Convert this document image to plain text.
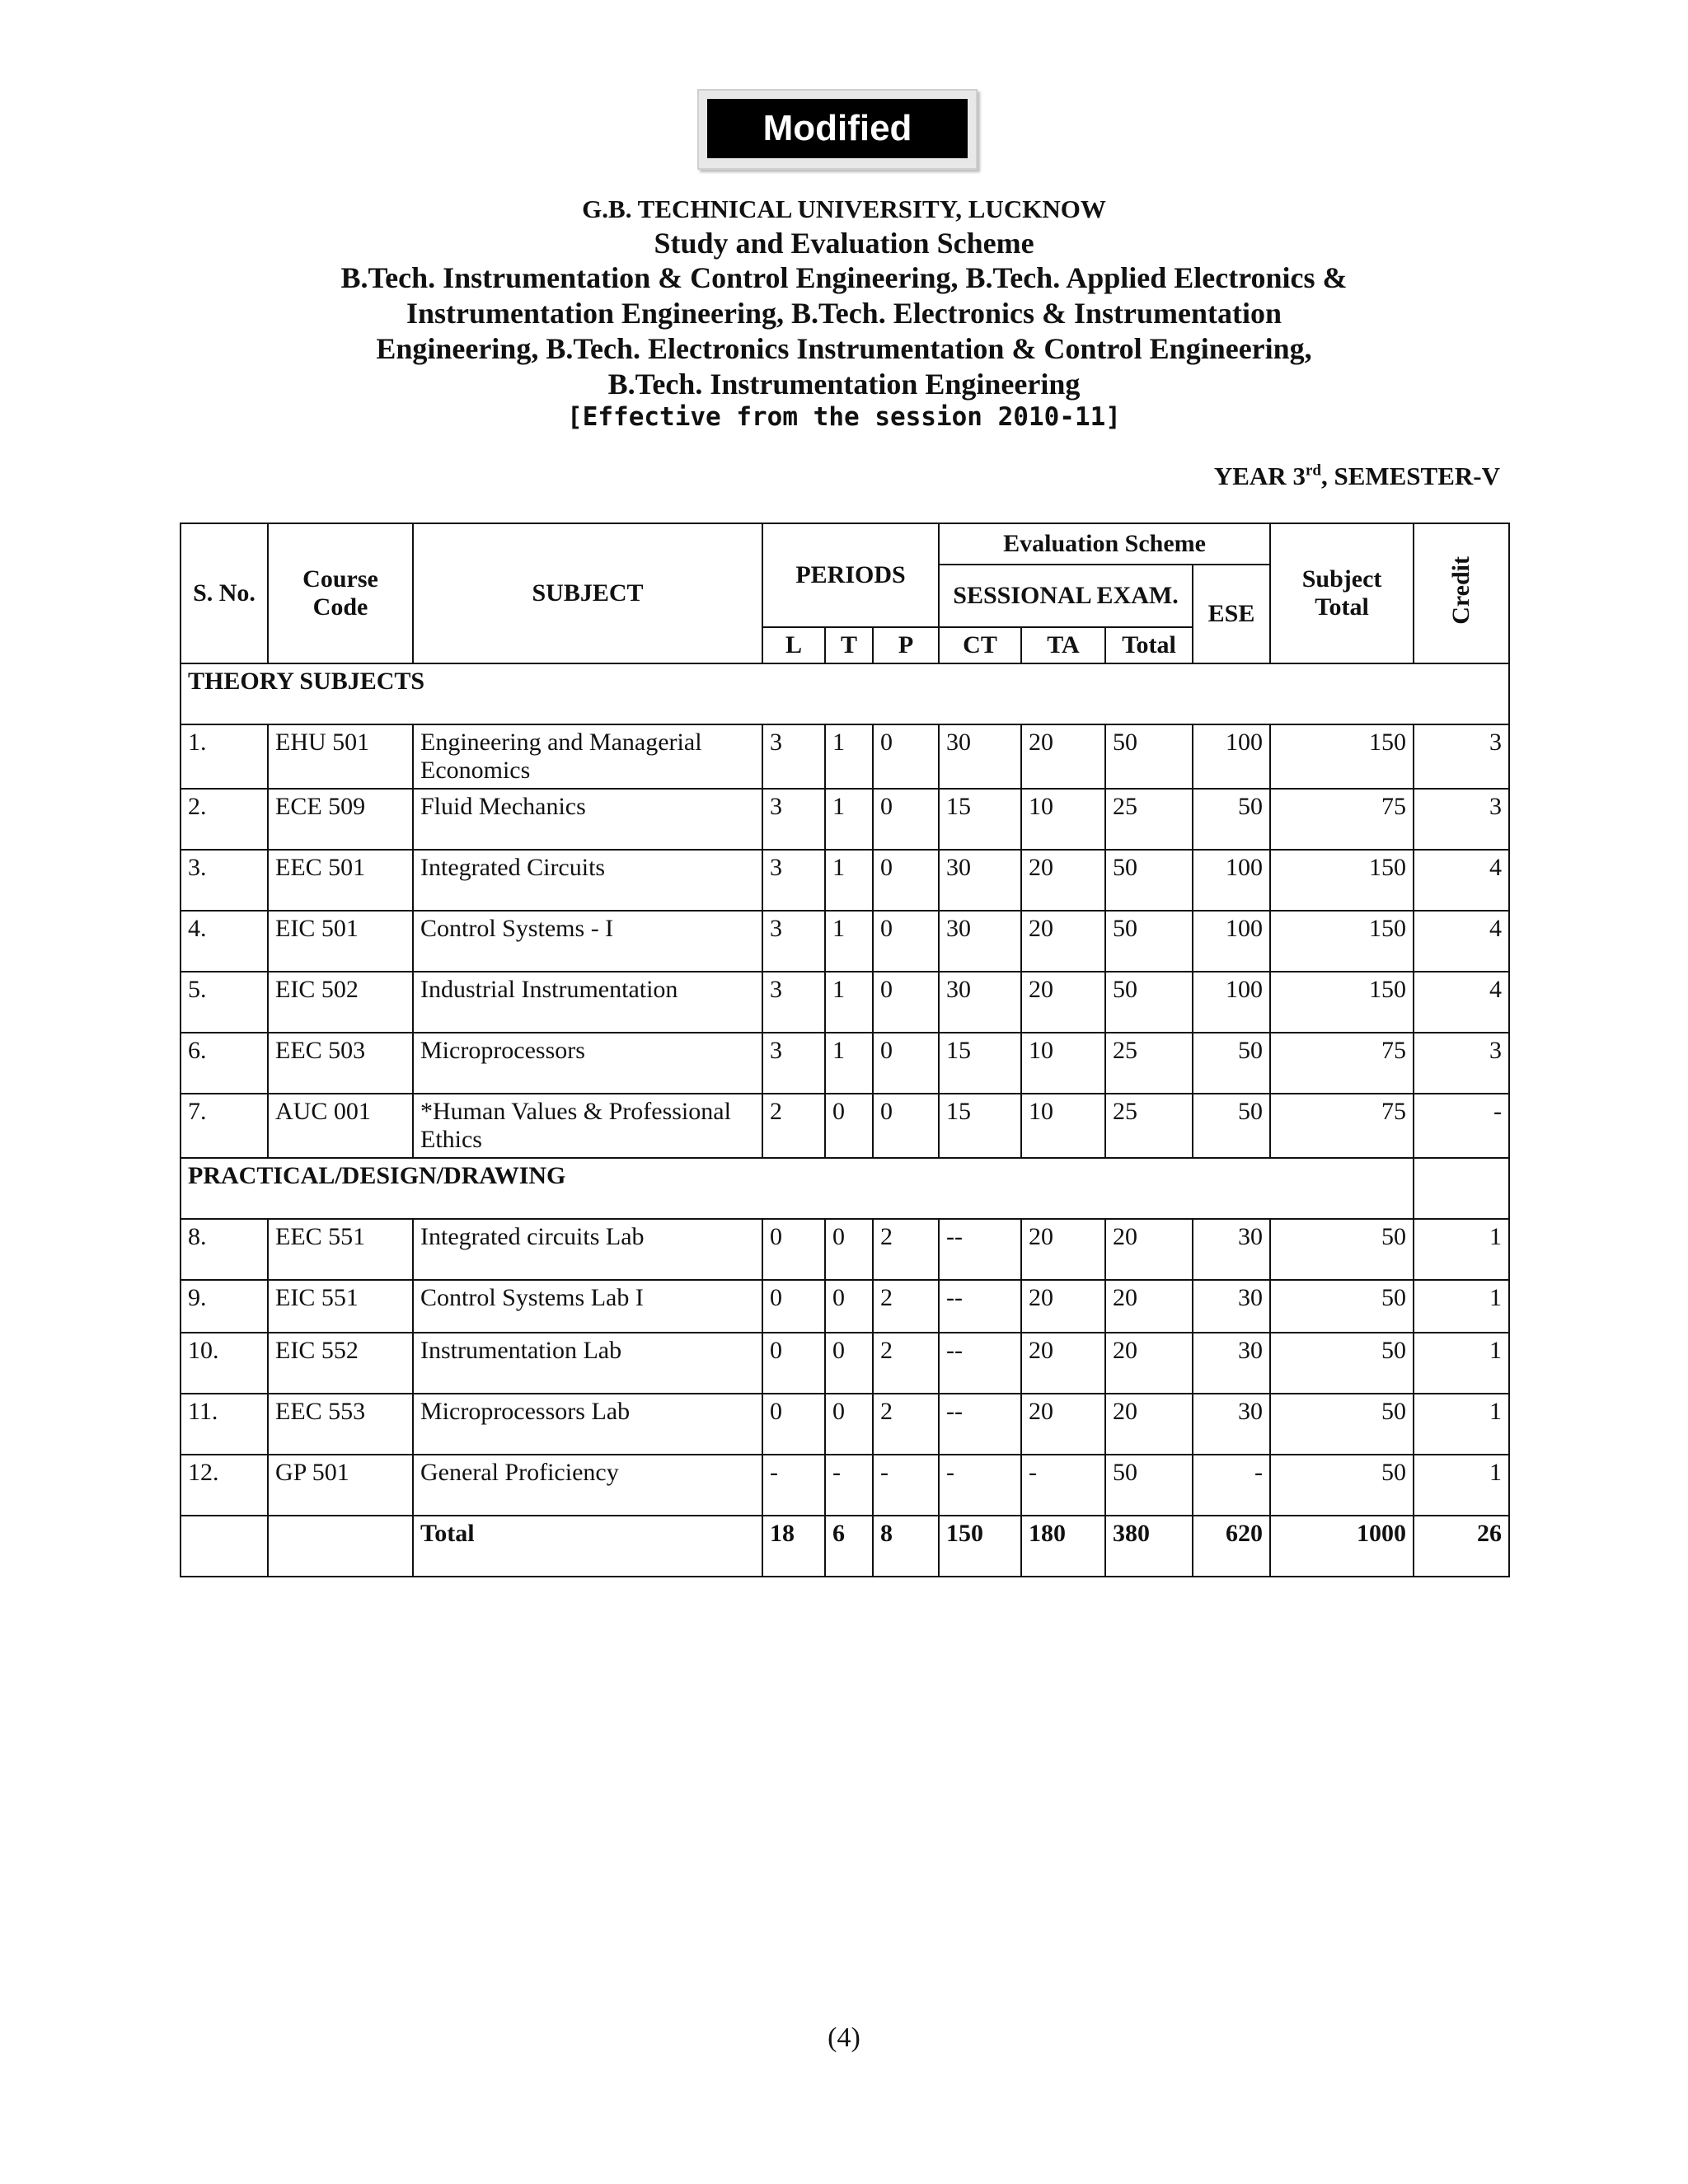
Modified
G.B. TECHNICAL UNIVERSITY, LUCKNOW
Study and Evaluation Scheme
B.Tech. Instrumentation & Control Engineering, B.Tech. Applied Electronics &
Instrumentation Engineering, B.Tech. Electronics & Instrumentation
Engineering, B.Tech. Electronics Instrumentation & Control Engineering,
B.Tech. Instrumentation Engineering
[Effective from the session 2010-11]
YEAR 3rd, SEMESTER-V
S. No.	Course Code	SUBJECT	PERIODS			Evaluation Scheme				Subject Total	Credit
						SESSIONAL EXAM.			ESE		
			L	T	P	CT	TA	Total			
THEORY SUBJECTS											
1.	EHU 501	Engineering and Managerial Economics	3	1	0	30	20	50	100	150	3
2.	ECE 509	Fluid Mechanics	3	1	0	15	10	25	50	75	3
3.	EEC 501	Integrated Circuits	3	1	0	30	20	50	100	150	4
4.	EIC 501	Control Systems - I	3	1	0	30	20	50	100	150	4
5.	EIC 502	Industrial Instrumentation	3	1	0	30	20	50	100	150	4
6.	EEC 503	Microprocessors	3	1	0	15	10	25	50	75	3
7.	AUC 001	*Human Values & Professional Ethics	2	0	0	15	10	25	50	75	-
PRACTICAL/DESIGN/DRAWING											
8.	EEC 551	Integrated circuits Lab	0	0	2	--	20	20	30	50	1
9.	EIC 551	Control Systems Lab I	0	0	2	--	20	20	30	50	1
10.	EIC 552	Instrumentation Lab	0	0	2	--	20	20	30	50	1
11.	EEC 553	Microprocessors Lab	0	0	2	--	20	20	30	50	1
12.	GP 501	General Proficiency	-	-	-	-	-	50	-	50	1
		Total	18	6	8	150	180	380	620	1000	26
(4)
